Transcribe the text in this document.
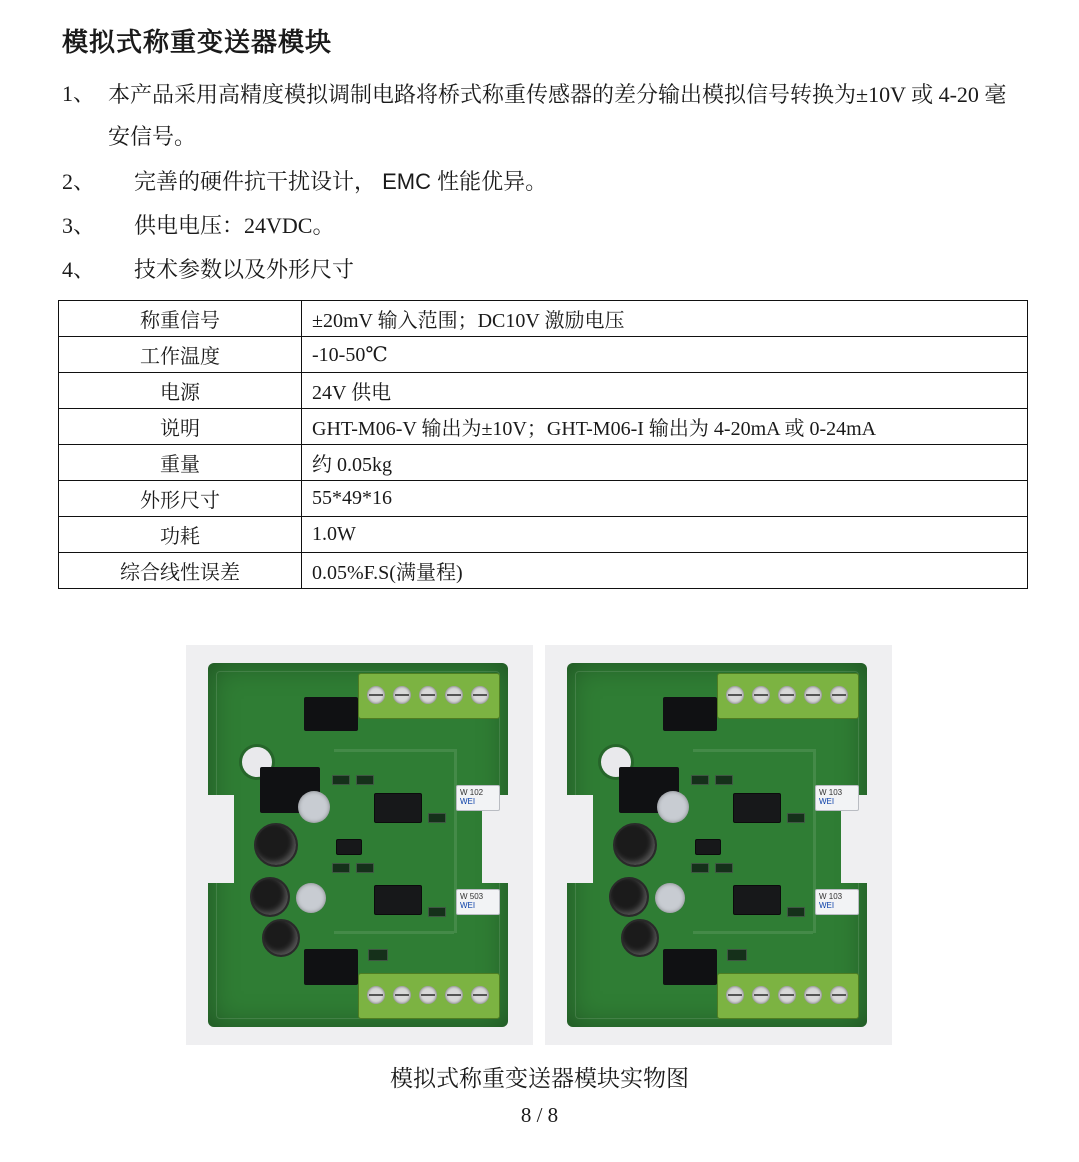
模拟式称重变送器模块
1、 本产品采用高精度模拟调制电路将桥式称重传感器的差分输出模拟信号转换为±10V 或 4-20 毫安信号。
2、	完善的硬件抗干扰设计， EMC 性能优异。
3、	供电电压：24VDC。
4、	技术参数以及外形尺寸
称重信号	±20mV 输入范围；DC10V 激励电压
工作温度	-10-50℃
电源	24V 供电
说明	GHT-M06-V 输出为±10V；GHT-M06-I 输出为 4-20mA 或 0-24mA
重量	约 0.05kg
外形尺寸	55*49*16
功耗	1.0W
综合线性误差	0.05%F.S(满量程)
W 102
WEI
W 503
WEI
W 103
WEI
W 103
WEI
模拟式称重变送器模块实物图
8 / 8
